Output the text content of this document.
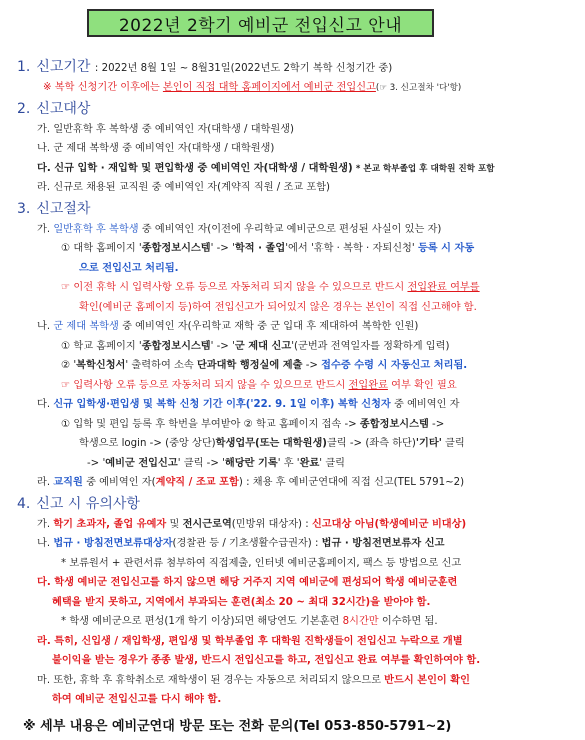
2022년 2학기 예비군 전입신고 안내
1. 신고기간 : 2022년 8월 1일 ~ 8월31일(2022년도 2학기 복학 신청기간 중)
※ 복학 신청기간 이후에는 본인이 직접 대학 홈페이지에서 예비군 전입신고(☞ 3. 신고절차 '다'항)
2. 신고대상
가. 일반휴학 후 복학생 중 예비역인 자(대학생 / 대학원생)
나. 군 제대 복학생 중 예비역인 자(대학생 / 대학원생)
다. 신규 입학 · 재입학 및 편입학생 중 예비역인 자(대학생 / 대학원생) * 본교 학부졸업 후 대학원 진학 포함
라. 신규로 채용된 교직원 중 예비역인 자(계약직 직원 / 조교 포함)
3. 신고절차
가. 일반휴학 후 복학생 중 예비역인 자(이전에 우리학교 예비군으로 편성된 사실이 있는 자)
① 대학 홈페이지 '종합정보시스템' -> '학적 · 졸업'에서 '휴학 · 복학 · 자퇴신청' 등록 시 자동
으로 전입신고 처리됨.
☞ 이전 휴학 시 입력사항 오류 등으로 자동처리 되지 않을 수 있으므로 반드시 전입완료 여부를
확인(예비군 홈페이지 등)하여 전입신고가 되어있지 않은 경우는 본인이 직접 신고해야 함.
나. 군 제대 복학생 중 예비역인 자(우리학교 재학 중 군 입대 후 제대하여 복학한 인원)
① 학교 홈페이지 '종합정보시스템' -> '군 제대 신고'(군번과 전역일자를 정확하게 입력)
② '복학신청서' 출력하여 소속 단과대학 행정실에 제출 -> 접수증 수령 시 자동신고 처리됨.
☞ 입력사항 오류 등으로 자동처리 되지 않을 수 있으므로 반드시 전입완료 여부 확인 필요
다. 신규 입학생·편입생 및 복학 신청 기간 이후('22. 9. 1일 이후) 복학 신청자 중 예비역인 자
① 입학 및 편입 등록 후 학번을 부여받아 ② 학교 홈페이지 접속 -> 종합정보시스템 ->
학생으로 login -> (중앙 상단)학생업무(또는 대학원생)클릭 -> (좌측 하단)'기타' 클릭
-> '예비군 전입신고' 클릭 -> '해당란 기록' 후 '완료' 클릭
라. 교직원 중 예비역인 자(계약직 / 조교 포함) : 채용 후 예비군연대에 직접 신고(TEL 5791~2)
4. 신고 시 유의사항
가. 학기 초과자, 졸업 유예자 및 전시근로역(민방위 대상자) : 신고대상 아님(학생예비군 비대상)
나. 법규 · 방침전면보류대상자(경찰관 등 / 기초생활수급권자) : 법규 · 방침전면보류자 신고
* 보류원서 + 관련서류 첨부하여 직접제출, 인터넷 예비군홈페이지, 팩스 등 방법으로 신고
다. 학생 예비군 전입신고를 하지 않으면 해당 거주지 지역 예비군에 편성되어 학생 예비군훈련
혜택을 받지 못하고, 지역에서 부과되는 훈련(최소 20 ~ 최대 32시간)을 받아야 함.
* 학생 예비군으로 편성(1개 학기 이상)되면 해당연도 기본훈련 8시간만 이수하면 됨.
라. 특히, 신입생 / 재입학생, 편입생 및 학부졸업 후 대학원 진학생들이 전입신고 누락으로 개별
불이익을 받는 경우가 종종 발생, 반드시 전입신고를 하고, 전입신고 완료 여부를 확인하여야 함.
마. 또한, 휴학 후 휴학취소로 재학생이 된 경우는 자동으로 처리되지 않으므로 반드시 본인이 확인
하여 예비군 전입신고를 다시 해야 함.
※ 세부 내용은 예비군연대 방문 또는 전화 문의(Tel 053-850-5791~2)
